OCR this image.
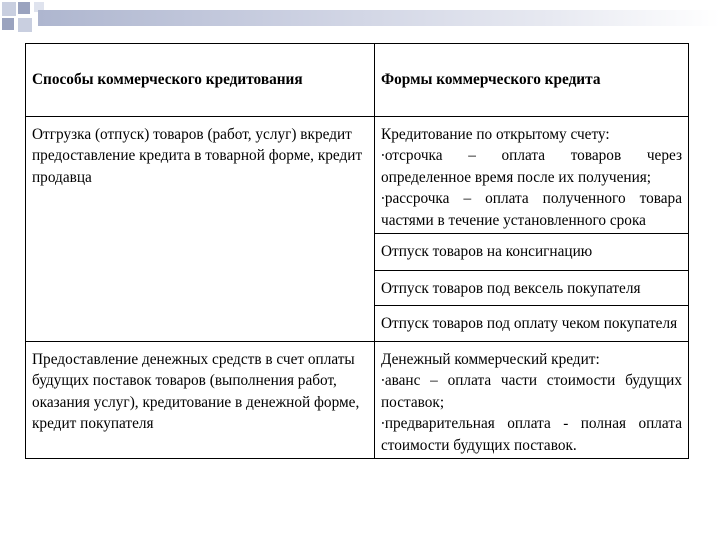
Способы коммерческого кредитования	Формы коммерческого кредита
Отгрузка (отпуск) товаров (работ, услуг) вкредит предоставление кредита в товарной форме, кредит продавца	Кредитование по открытому счету:
∙отсрочка – оплата товаров через определенное время после их получения;
∙рассрочка – оплата полученного товара частями в течение установленного срока

	Отпуск товаров на консигнацию
	Отпуск товаров под вексель покупателя
	Отпуск товаров под оплату чеком покупателя
Предоставление денежных средств в счет оплаты будущих поставок товаров (выполнения работ, оказания услуг), кредитование в денежной форме, кредит покупателя	Денежный коммерческий кредит:
∙аванс – оплата части стоимости будущих поставок;
∙предварительная оплата - полная оплата стоимости будущих поставок.
